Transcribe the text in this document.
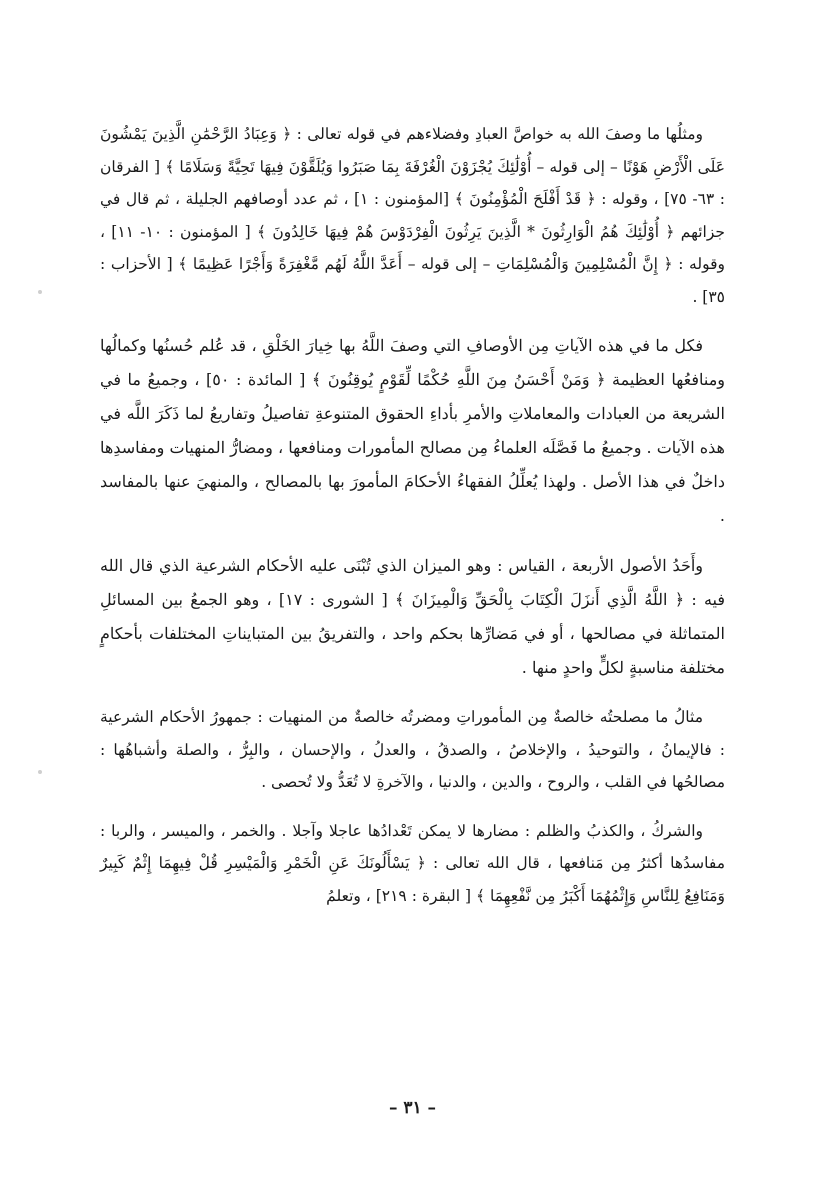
ومثلُها ما وصفَ الله به خواصَّ العبادِ وفضلاءهم في قوله تعالى : ﴿ وَعِبَادُ الرَّحْمَٰنِ الَّذِينَ يَمْشُونَ عَلَى الْأَرْضِ هَوْنًا – إلى قوله – أُوْلَٰئِكَ يُجْزَوْنَ الْغُرْفَةَ بِمَا صَبَرُوا وَيُلَقَّوْنَ فِيهَا تَحِيَّةً وَسَلَامًا ﴾ [ الفرقان : ٦٣- ٧٥] ، وقوله : ﴿ قَدْ أَفْلَحَ الْمُؤْمِنُونَ ﴾ [المؤمنون : ١] ، ثم عدد أوصافهم الجليلة ، ثم قال في جزائهم ﴿ أُوْلَٰئِكَ هُمُ الْوَارِثُونَ * الَّذِينَ يَرِثُونَ الْفِرْدَوْسَ هُمْ فِيهَا خَالِدُونَ ﴾ [ المؤمنون : ١٠- ١١] ، وقوله : ﴿ إِنَّ الْمُسْلِمِينَ وَالْمُسْلِمَاتِ – إلى قوله – أَعَدَّ اللَّهُ لَهُم مَّغْفِرَةً وَأَجْرًا عَظِيمًا ﴾ [ الأحزاب : ٣٥] .

فكل ما في هذه الآياتِ مِن الأوصافِ التي وصفَ اللَّهُ بها خِيارَ الخَلْقِ ، قد عُلم حُسنُها وكمالُها ومنافعُها العظيمة ﴿ وَمَنْ أَحْسَنُ مِنَ اللَّهِ حُكْمًا لِّقَوْمٍ يُوقِنُونَ ﴾ [ المائدة : ٥٠] ، وجميعُ ما في الشريعة من العبادات والمعاملاتِ والأمرِ بأداءِ الحقوق المتنوعةِ تفاصيلُ وتفاريعُ لما ذَكَرَ اللَّه في هذه الآيات . وجميعُ ما فَصَّلَه العلماءُ مِن مصالح المأمورات ومنافعها ، ومضارُّ المنهيات ومفاسدِها داخلٌ في هذا الأصل . ولهذا يُعلِّلُ الفقهاءُ الأحكامَ المأمورَ بها بالمصالح ، والمنهيَ عنها بالمفاسد .

وأَحَدُ الأصول الأربعة ، القياس : وهو الميزان الذي تُبْنَى عليه الأحكام الشرعية الذي قال الله فيه : ﴿ اللَّهُ الَّذِي أَنزَلَ الْكِتَابَ بِالْحَقِّ وَالْمِيزَانَ ﴾ [ الشورى : ١٧] ، وهو الجمعُ بين المسائلِ المتماثلة في مصالحها ، أو في مَضارِّها بحكم واحد ، والتفريقُ بين المتبايناتِ المختلفات بأحكامٍ مختلفة مناسبةٍ لكلٍّ واحدٍ منها .

مثالُ ما مصلحتُه خالصةٌ مِن المأموراتِ ومضرتُه خالصةٌ من المنهيات : جمهورُ الأحكام الشرعية : فالإيمانُ ، والتوحيدُ ، والإخلاصُ ، والصدقُ ، والعدلُ ، والإحسان ، والبِرُّ ، والصلة وأشباهُها : مصالحُها في القلب ، والروح ، والدين ، والدنيا ، والآخرةِ لا تُعَدُّ ولا تُحصى .

والشركُ ، والكذبُ والظلم : مضارها لا يمكن تَعْدادُها عاجلا وآجلا . والخمر ، والميسر ، والربا : مفاسدُها أكثرُ مِن مَنافعها ، قال الله تعالى : ﴿ يَسْأَلُونَكَ عَنِ الْخَمْرِ وَالْمَيْسِرِ قُلْ فِيهِمَا إِثْمٌ كَبِيرٌ وَمَنَافِعُ لِلنَّاسِ وَإِثْمُهُمَا أَكْبَرُ مِن نَّفْعِهِمَا ﴾ [ البقرة : ٢١٩] ، وتعلمُ

– ٣١ –
